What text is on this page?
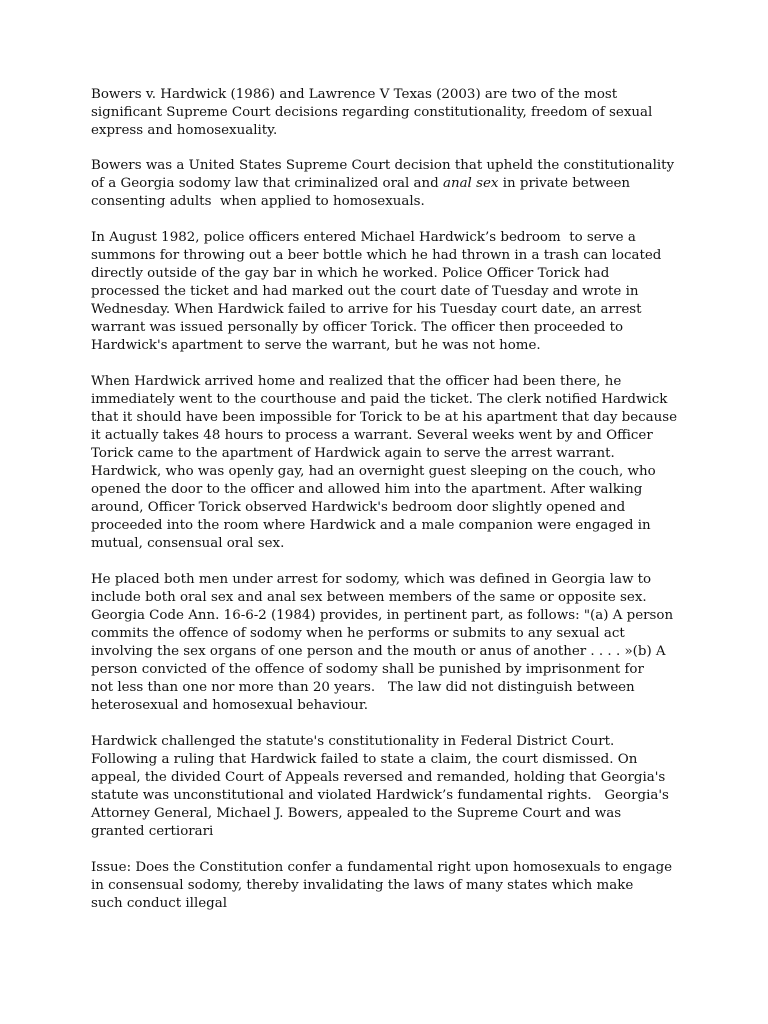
Bowers v. Hardwick (1986) and Lawrence V Texas (2003) are two of the most
significant Supreme Court decisions regarding constitutionality, freedom of sexual
express and homosexuality.

Bowers was a United States Supreme Court decision that upheld the constitutionality
of a Georgia sodomy law that criminalized oral and anal sex in private between
consenting adults  when applied to homosexuals.

In August 1982, police officers entered Michael Hardwick’s bedroom  to serve a
summons for throwing out a beer bottle which he had thrown in a trash can located
directly outside of the gay bar in which he worked. Police Officer Torick had
processed the ticket and had marked out the court date of Tuesday and wrote in
Wednesday. When Hardwick failed to arrive for his Tuesday court date, an arrest
warrant was issued personally by officer Torick. The officer then proceeded to
Hardwick's apartment to serve the warrant, but he was not home.

When Hardwick arrived home and realized that the officer had been there, he
immediately went to the courthouse and paid the ticket. The clerk notified Hardwick
that it should have been impossible for Torick to be at his apartment that day because
it actually takes 48 hours to process a warrant. Several weeks went by and Officer
Torick came to the apartment of Hardwick again to serve the arrest warrant.
Hardwick, who was openly gay, had an overnight guest sleeping on the couch, who
opened the door to the officer and allowed him into the apartment. After walking
around, Officer Torick observed Hardwick's bedroom door slightly opened and
proceeded into the room where Hardwick and a male companion were engaged in
mutual, consensual oral sex.

He placed both men under arrest for sodomy, which was defined in Georgia law to
include both oral sex and anal sex between members of the same or opposite sex.
Georgia Code Ann. 16-6-2 (1984) provides, in pertinent part, as follows: "(a) A person
commits the offence of sodomy when he performs or submits to any sexual act
involving the sex organs of one person and the mouth or anus of another . . . . »(b) A
person convicted of the offence of sodomy shall be punished by imprisonment for
not less than one nor more than 20 years.   The law did not distinguish between
heterosexual and homosexual behaviour.

Hardwick challenged the statute's constitutionality in Federal District Court.
Following a ruling that Hardwick failed to state a claim, the court dismissed. On
appeal, the divided Court of Appeals reversed and remanded, holding that Georgia's
statute was unconstitutional and violated Hardwick’s fundamental rights.   Georgia's
Attorney General, Michael J. Bowers, appealed to the Supreme Court and was
granted certiorari

Issue: Does the Constitution confer a fundamental right upon homosexuals to engage
in consensual sodomy, thereby invalidating the laws of many states which make
such conduct illegal
